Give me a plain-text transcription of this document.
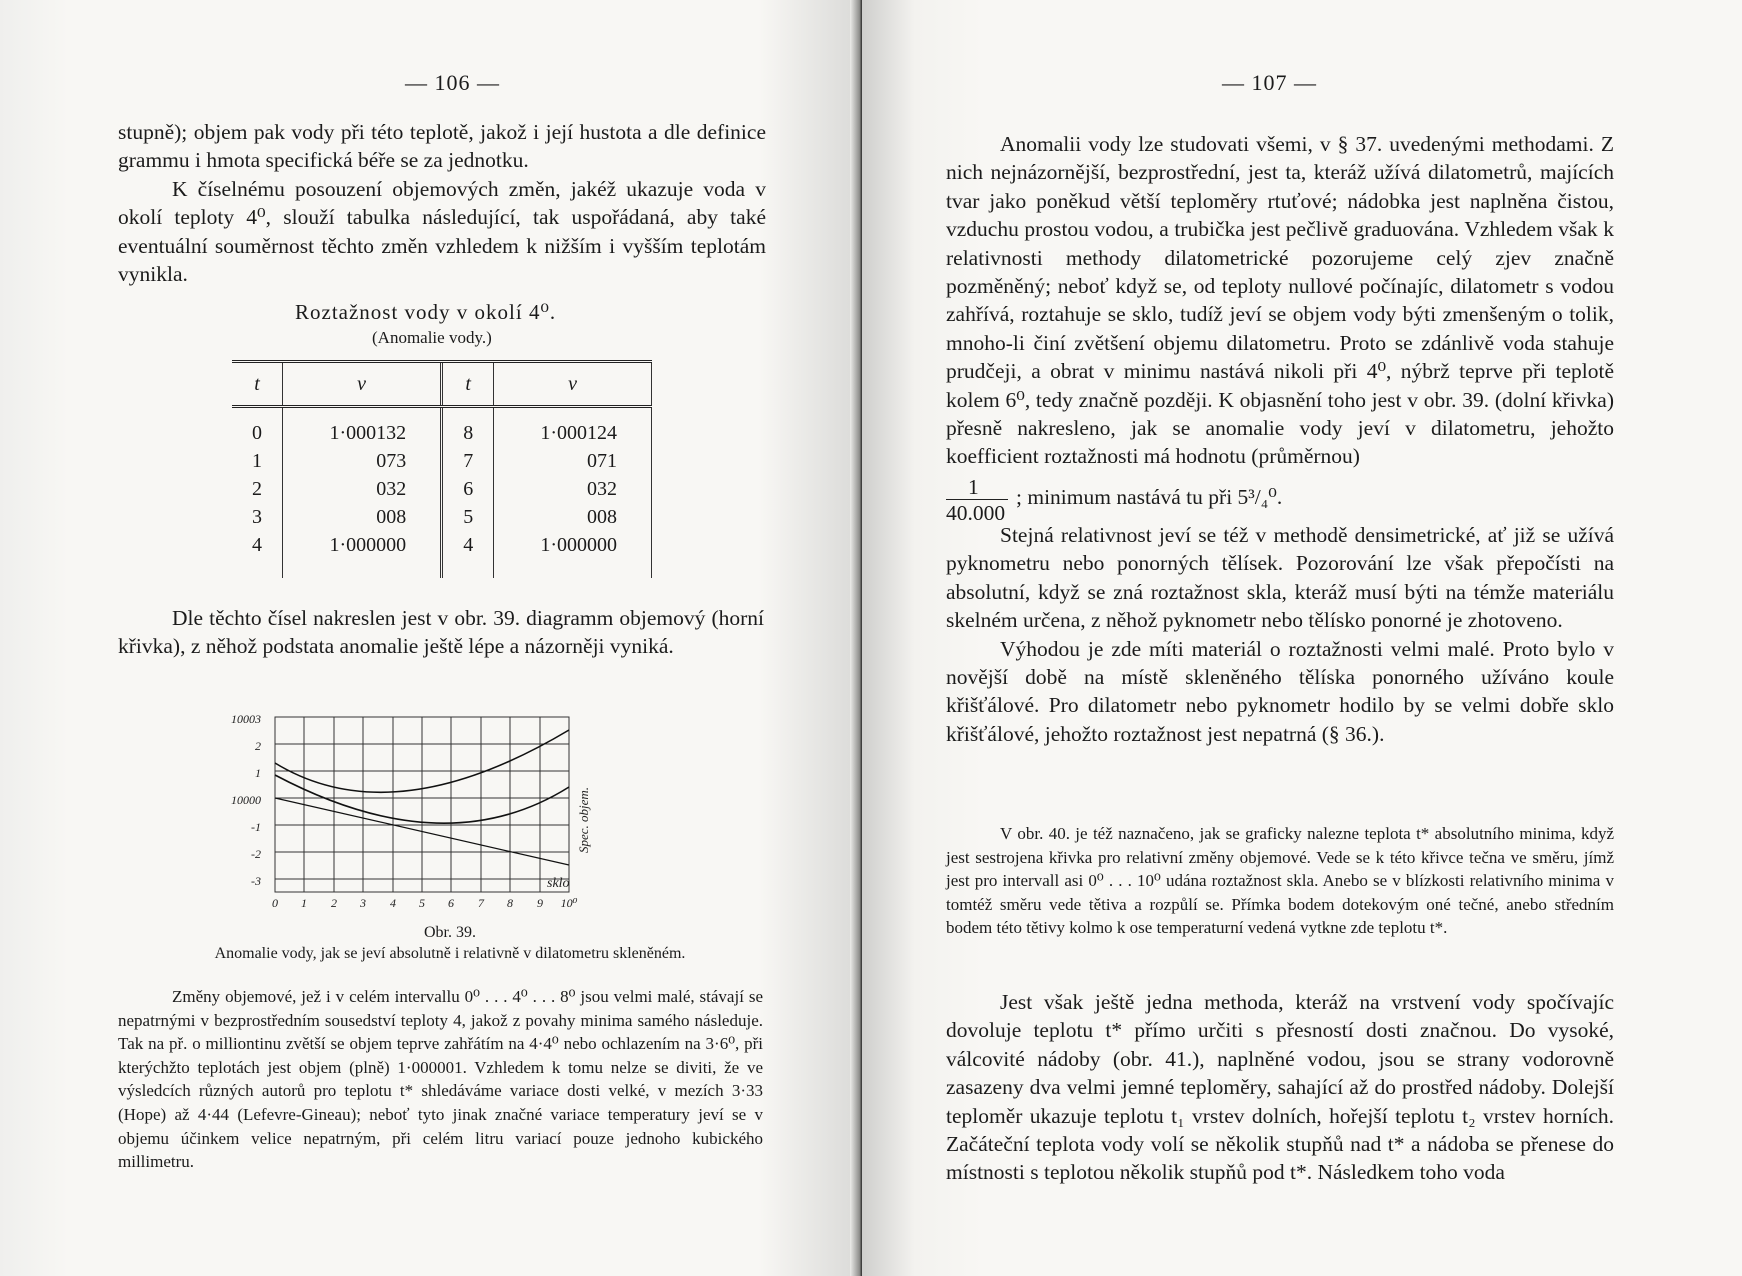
— 106 —

stupně); objem pak vody při této teplotě, jakož i její hustota a dle definice grammu i hmota specifická béře se za jednotku.

K číselnému posouzení objemových změn, jakéž ukazuje voda v okolí teploty 4⁰, slouží tabulka následující, tak uspořádaná, aby také eventuální souměrnost těchto změn vzhledem k nižším i vyšším teplotám vynikla.

Roztažnost vody v okolí 4⁰.
(Anomalie vody.)
t	v	t	v
0	1·000132	8	1·000124
1	073	7	071
2	032	6	032
3	008	5	008
4	1·000000	4	1·000000

Dle těchto čísel nakreslen jest v obr. 39. diagramm objemový (horní křivka), z něhož podstata anomalie ještě lépe a názorněji vyniká.

10003
2
1
10000
-1
-2
-3
Spec. objem.
sklo
0 1 2 3 4 5 6 7 8 9 10⁰
Obr. 39.
Anomalie vody, jak se jeví absolutně i relativně v dilatometru skleněném.

Změny objemové, jež i v celém intervallu 0⁰ . . . 4⁰ . . . 8⁰ jsou velmi malé, stávají se nepatrnými v bezprostředním sousedství teploty 4, jakož z povahy minima samého následuje. Tak na př. o milliontinu zvětší se objem teprve zahřátím na 4·4⁰ nebo ochlazením na 3·6⁰, při kterýchžto teplotách jest objem (plně) 1·000001. Vzhledem k tomu nelze se diviti, že ve výsledcích různých autorů pro teplotu t* shledáváme variace dosti velké, v mezích 3·33 (Hope) až 4·44 (Lefevre-Gineau); neboť tyto jinak značné variace temperatury jeví se v objemu účinkem velice nepatrným, při celém litru variací pouze jednoho kubického millimetru.

— 107 —

Anomalii vody lze studovati všemi, v § 37. uvedenými methodami. Z nich nejnázornější, bezprostřední, jest ta, kteráž užívá dilatometrů, majících tvar jako poněkud větší teploměry rtuťové; nádobka jest naplněna čistou, vzduchu prostou vodou, a trubička jest pečlivě graduována. Vzhledem však k relativnosti methody dilatometrické pozorujeme celý zjev značně pozměněný; neboť když se, od teploty nullové počínajíc, dilatometr s vodou zahřívá, roztahuje se sklo, tudíž jeví se objem vody býti zmenšeným o tolik, mnoho-li činí zvětšení objemu dilatometru. Proto se zdánlivě voda stahuje prudčeji, a obrat v minimu nastává nikoli při 4⁰, nýbrž teprve při teplotě kolem 6⁰, tedy značně později. K objasnění toho jest v obr. 39. (dolní křivka) přesně nakresleno, jak se anomalie vody jeví v dilatometru, jehožto koefficient roztažnosti má hodnotu (průměrnou)

1
40.000
; minimum nastává tu při 5³/₄⁰.

Stejná relativnost jeví se též v methodě densimetrické, ať již se užívá pyknometru nebo ponorných tělísek. Pozorování lze však přepočísti na absolutní, když se zná roztažnost skla, kteráž musí býti na témže materiálu skelném určena, z něhož pyknometr nebo tělísko ponorné je zhotoveno.

Výhodou je zde míti materiál o roztažnosti velmi malé. Proto bylo v novější době na místě skleněného tělíska ponorného užíváno koule křišťálové. Pro dilatometr nebo pyknometr hodilo by se velmi dobře sklo křišťálové, jehožto roztažnost jest nepatrná (§ 36.).

V obr. 40. je též naznačeno, jak se graficky nalezne teplota t* absolutního minima, když jest sestrojena křivka pro relativní změny objemové. Vede se k této křivce tečna ve směru, jímž jest pro intervall asi 0⁰ . . . 10⁰ udána roztažnost skla. Anebo se v blízkosti relativního minima v tomtéž směru vede tětiva a rozpůlí se. Přímka bodem dotekovým oné tečné, anebo středním bodem této tětivy kolmo k ose temperaturní vedená vytkne zde teplotu t*.

Jest však ještě jedna methoda, kteráž na vrstvení vody spočívajíc dovoluje teplotu t* přímo určiti s přesností dosti značnou. Do vysoké, válcovité nádoby (obr. 41.), naplněné vodou, jsou se strany vodorovně zasazeny dva velmi jemné teploměry, sahající až do prostřed nádoby. Dolejší teploměr ukazuje teplotu t₁ vrstev dolních, hořejší teplotu t₂ vrstev horních. Začáteční teplota vody volí se několik stupňů nad t* a nádoba se přenese do místnosti s teplotou několik stupňů pod t*. Následkem toho voda
